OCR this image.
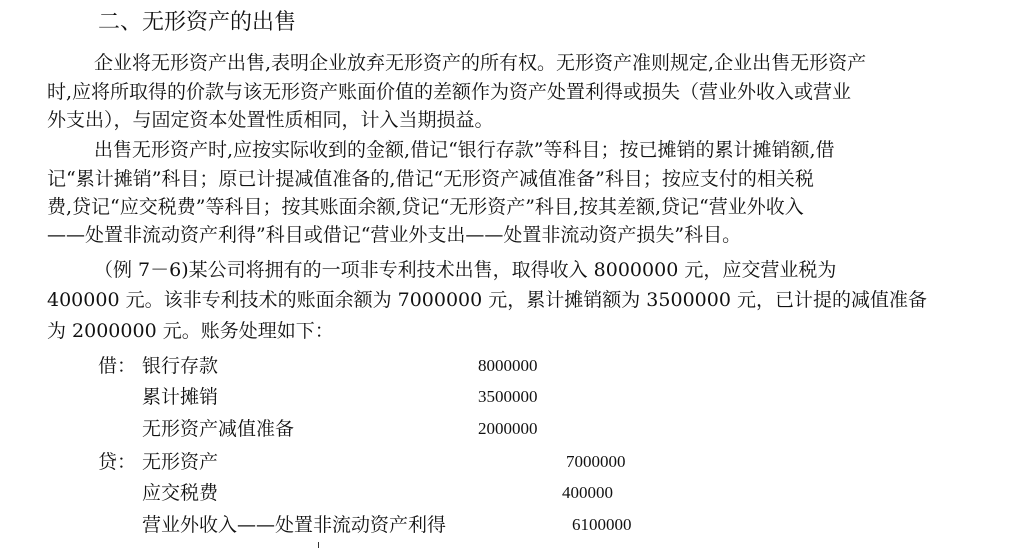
二、无形资产的出售
企业将无形资产出售,表明企业放弃无形资产的所有权。无形资产准则规定,企业出售无形资产
时,应将所取得的价款与该无形资产账面价值的差额作为资产处置利得或损失（营业外收入或营业
外支出），与固定资本处置性质相同，计入当期损益。
出售无形资产时,应按实际收到的金额,借记“银行存款”等科目；按已摊销的累计摊销额,借
记“累计摊销”科目；原已计提减值准备的,借记“无形资产减值准备”科目；按应支付的相关税
费,贷记“应交税费”等科目；按其账面余额,贷记“无形资产”科目,按其差额,贷记“营业外收入
——处置非流动资产利得”科目或借记“营业外支出——处置非流动资产损失”科目。
（例 7－6)某公司将拥有的一项非专利技术出售，取得收入 8000000 元，应交营业税为
400000 元。该非专利技术的账面余额为 7000000 元，累计摊销额为 3500000 元，已计提的减值准备
为 2000000 元。账务处理如下：
借： 银行存款	8000000
累计摊销	3500000
无形资产减值准备	2000000
贷： 无形资产	7000000
应交税费	400000
营业外收入——处置非流动资产利得	6100000
